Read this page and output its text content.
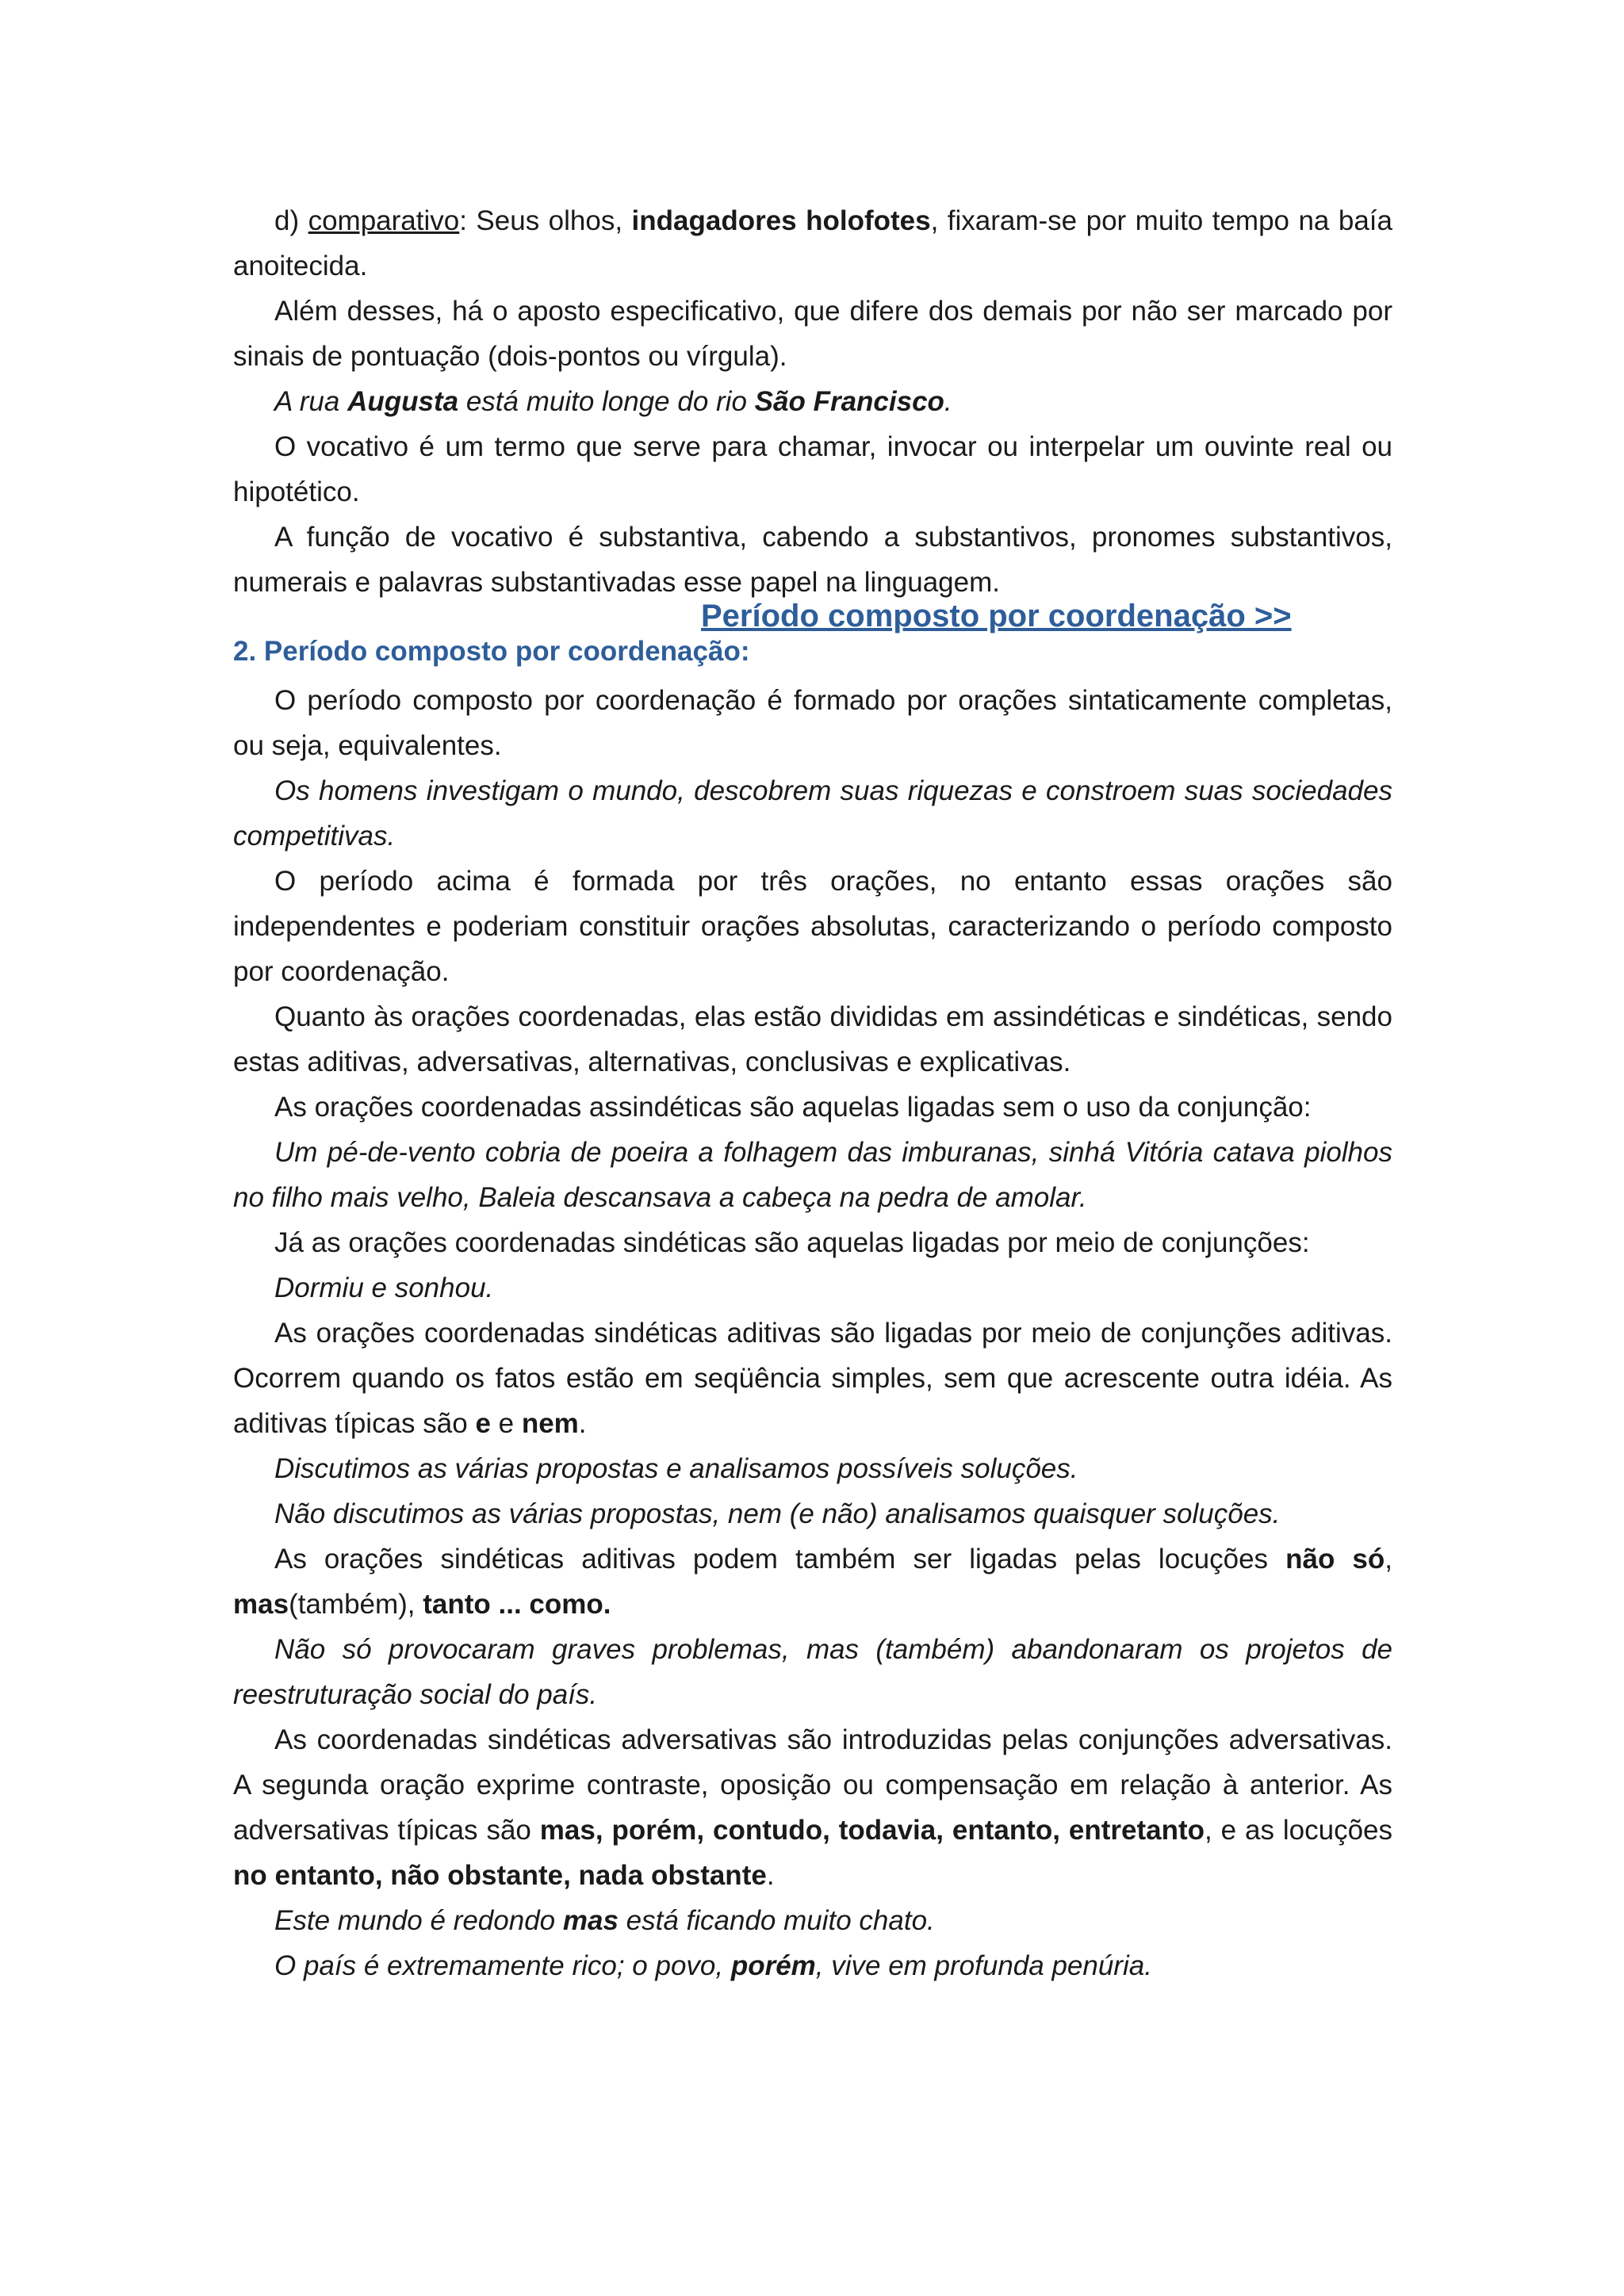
d) comparativo: Seus olhos, indagadores holofotes, fixaram-se por muito tempo na baía anoitecida.

Além desses, há o aposto especificativo, que difere dos demais por não ser marcado por sinais de pontuação (dois-pontos ou vírgula).

A rua Augusta está muito longe do rio São Francisco.

O vocativo é um termo que serve para chamar, invocar ou interpelar um ouvinte real ou hipotético.

A função de vocativo é substantiva, cabendo a substantivos, pronomes substantivos, numerais e palavras substantivadas esse papel na linguagem.

Período composto por coordenação >>
2. Período composto por coordenação:

O período composto por coordenação é formado por orações sintaticamente completas, ou seja, equivalentes.

Os homens investigam o mundo, descobrem suas riquezas e constroem suas sociedades competitivas.

O período acima é formada por três orações, no entanto essas orações são independentes e poderiam constituir orações absolutas, caracterizando o período composto por coordenação.

Quanto às orações coordenadas, elas estão divididas em assindéticas e sindéticas, sendo estas aditivas, adversativas, alternativas, conclusivas e explicativas.

As orações coordenadas assindéticas são aquelas ligadas sem o uso da conjunção:

Um pé-de-vento cobria de poeira a folhagem das imburanas, sinhá Vitória catava piolhos no filho mais velho, Baleia descansava a cabeça na pedra de amolar.

Já as orações coordenadas sindéticas são aquelas ligadas por meio de conjunções:

Dormiu e sonhou.

As orações coordenadas sindéticas aditivas são ligadas por meio de conjunções aditivas. Ocorrem quando os fatos estão em seqüência simples, sem que acrescente outra idéia. As aditivas típicas são e e nem.

Discutimos as várias propostas e analisamos possíveis soluções.

Não discutimos as várias propostas, nem (e não) analisamos quaisquer soluções.

As orações sindéticas aditivas podem também ser ligadas pelas locuções não só, mas(também), tanto ... como.

Não só provocaram graves problemas, mas (também) abandonaram os projetos de reestruturação social do país.

As coordenadas sindéticas adversativas são introduzidas pelas conjunções adversativas. A segunda oração exprime contraste, oposição ou compensação em relação à anterior. As adversativas típicas são mas, porém, contudo, todavia, entanto, entretanto, e as locuções no entanto, não obstante, nada obstante.

Este mundo é redondo mas está ficando muito chato.

O país é extremamente rico; o povo, porém, vive em profunda penúria.
